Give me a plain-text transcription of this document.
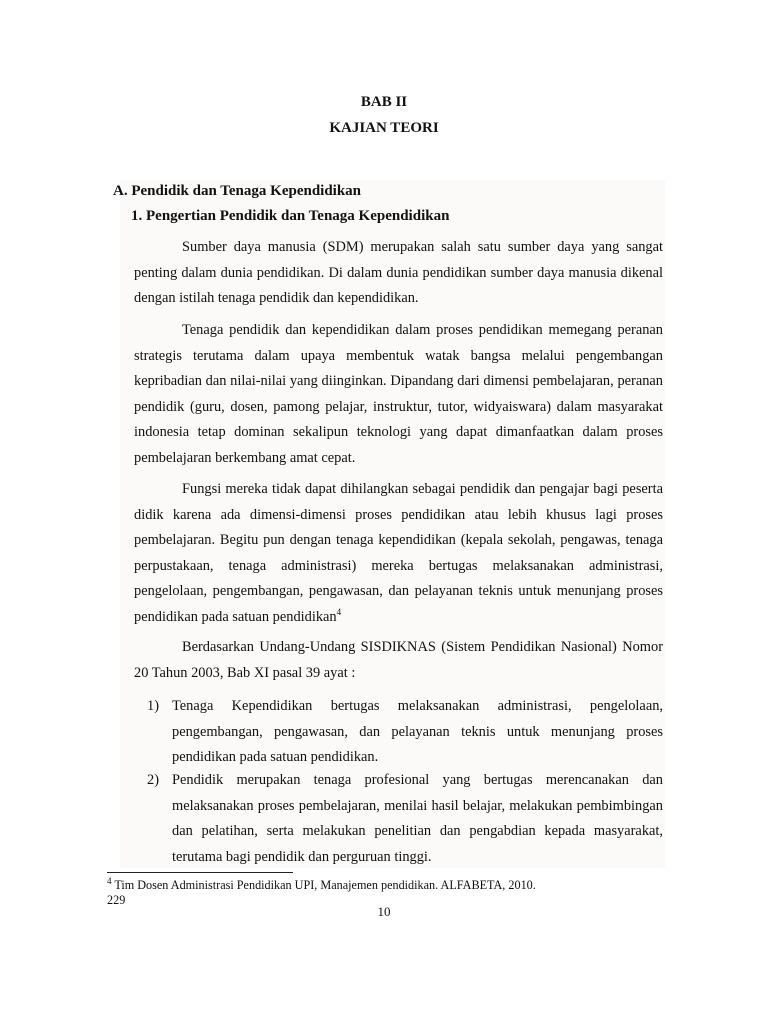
BAB II
KAJIAN TEORI
A. Pendidik dan Tenaga Kependidikan
1. Pengertian Pendidik dan Tenaga Kependidikan

Sumber daya manusia (SDM) merupakan salah satu sumber daya yang sangat penting dalam dunia pendidikan. Di dalam dunia pendidikan sumber daya manusia dikenal dengan istilah tenaga pendidik dan kependidikan.

Tenaga pendidik dan kependidikan dalam proses pendidikan memegang peranan strategis terutama dalam upaya membentuk watak bangsa melalui pengembangan kepribadian dan nilai-nilai yang diinginkan. Dipandang dari dimensi pembelajaran, peranan pendidik (guru, dosen, pamong pelajar, instruktur, tutor, widyaiswara) dalam masyarakat indonesia tetap dominan sekalipun teknologi yang dapat dimanfaatkan dalam proses pembelajaran berkembang amat cepat.

Fungsi mereka tidak dapat dihilangkan sebagai pendidik dan pengajar bagi peserta didik karena ada dimensi-dimensi proses pendidikan atau lebih khusus lagi proses pembelajaran. Begitu pun dengan tenaga kependidikan (kepala sekolah, pengawas, tenaga perpustakaan, tenaga administrasi) mereka bertugas melaksanakan administrasi, pengelolaan, pengembangan, pengawasan, dan pelayanan teknis untuk menunjang proses pendidikan pada satuan pendidikan$^4$

Berdasarkan Undang-Undang SISDIKNAS (Sistem Pendidikan Nasional) Nomor 20 Tahun 2003, Bab XI pasal 39 ayat :

1) Tenaga Kependidikan bertugas melaksanakan administrasi, pengelolaan, pengembangan, pengawasan, dan pelayanan teknis untuk menunjang proses pendidikan pada satuan pendidikan.

2) Pendidik merupakan tenaga profesional yang bertugas merencanakan dan melaksanakan proses pembelajaran, menilai hasil belajar, melakukan pembimbingan dan pelatihan, serta melakukan penelitian dan pengabdian kepada masyarakat, terutama bagi pendidik dan perguruan tinggi.

$^4$ Tim Dosen Administrasi Pendidikan UPI, Manajemen pendidikan. ALFABETA, 2010.
229
10
